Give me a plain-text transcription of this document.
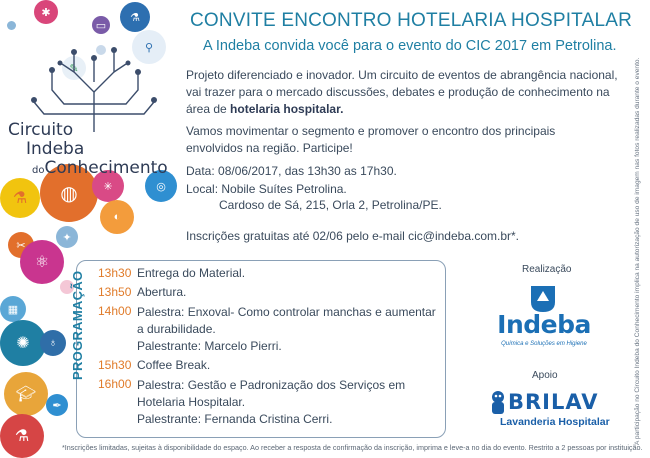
✱	⚗
▭
⚲
✎
◍
⚗
✳	◎
◐
✂
⚛
✦
▦
✺	♁
🎓︎
⚗
✒
Circuito
Indeba
doConhecimento
CONVITE ENCONTRO HOTELARIA HOSPITALAR
A Indeba convida você para o evento do CIC 2017 em Petrolina.
Projeto diferenciado e inovador. Um circuito de eventos de abrangência nacional, vai trazer para o mercado discussões, debates e produção de conhecimento na área de hotelaria hospitalar.
Vamos movimentar o segmento e promover o encontro dos principais envolvidos na região. Participe!
Data: 08/06/2017, das 13h30 as 17h30.
Local: Nobile Suítes Petrolina.
Cardoso de Sá, 215, Orla 2, Petrolina/PE.
Inscrições gratuitas até 02/06 pelo e-mail cic@indeba.com.br*.
PROGRAMAÇÃO 13h30 Entrega do Material.
13h50 Abertura.
14h00 Palestra: Enxoval- Como controlar manchas e aumentar a durabilidade.
Palestrante: Marcelo Pierri.
15h30 Coffee Break.
16h00 Palestra: Gestão e Padronização dos Serviços em Hotelaria Hospitalar.
Palestrante: Fernanda Cristina Cerri.
Realização
Indeba
Química e Soluções em Higiene
Apoio
BRILAV
Lavanderia Hospitalar
*Inscrições limitadas, sujeitas à disponibilidade do espaço. Ao receber a resposta de confirmação da inscrição, imprima e leve-a no dia do evento. Restrito a 2 pessoas por instituição.
A participação no Circuito Indeba do Conhecimento implica na autorização de uso de imagem nas fotos realizadas durante o evento.
